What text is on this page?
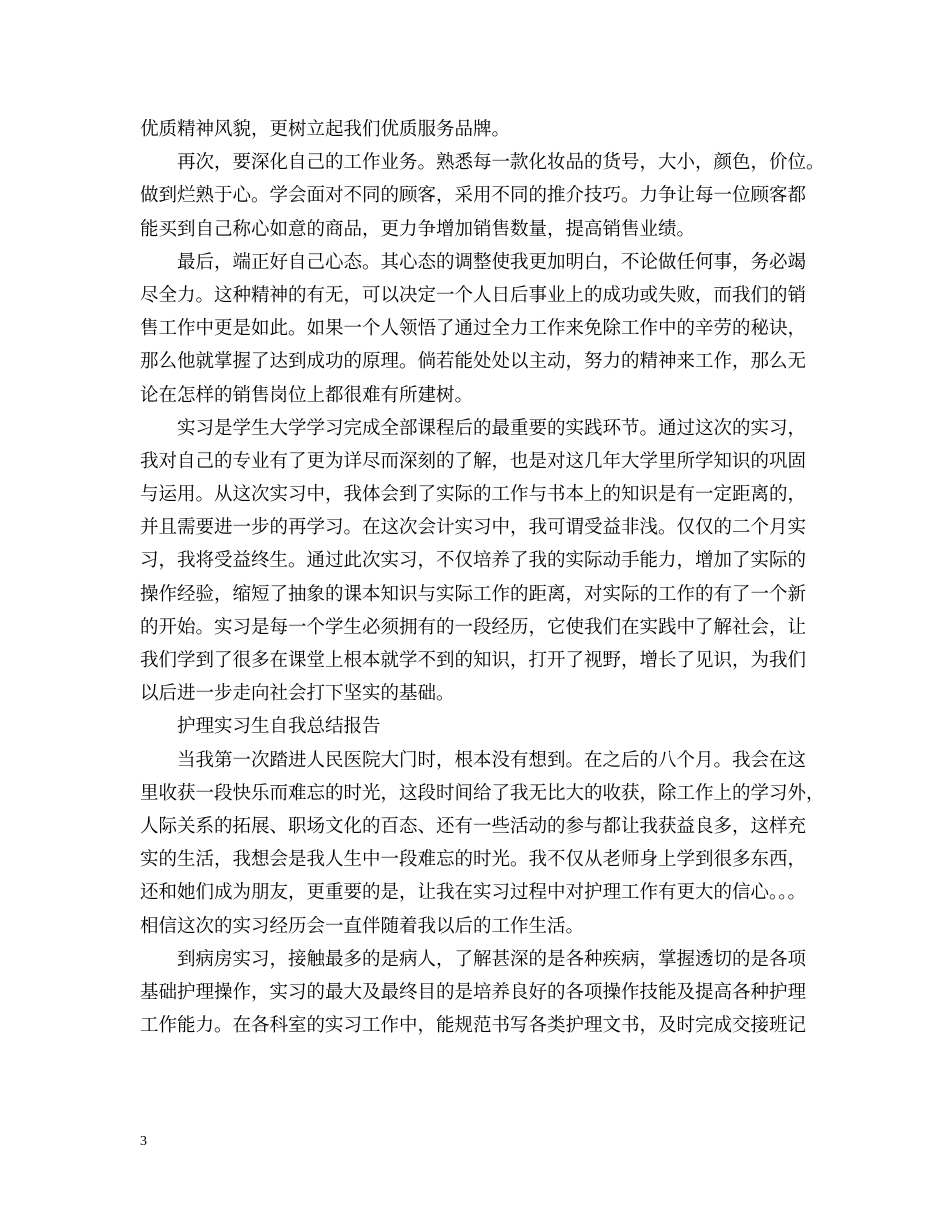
优质精神风貌，更树立起我们优质服务品牌。
再次，要深化自己的工作业务。熟悉每一款化妆品的货号，大小，颜色，价位。
做到烂熟于心。学会面对不同的顾客，采用不同的推介技巧。力争让每一位顾客都
能买到自己称心如意的商品，更力争增加销售数量，提高销售业绩。
最后，端正好自己心态。其心态的调整使我更加明白，不论做任何事，务必竭
尽全力。这种精神的有无，可以决定一个人日后事业上的成功或失败，而我们的销
售工作中更是如此。如果一个人领悟了通过全力工作来免除工作中的辛劳的秘诀，
那么他就掌握了达到成功的原理。倘若能处处以主动，努力的精神来工作，那么无
论在怎样的销售岗位上都很难有所建树。
实习是学生大学学习完成全部课程后的最重要的实践环节。通过这次的实习，
我对自己的专业有了更为详尽而深刻的了解，也是对这几年大学里所学知识的巩固
与运用。从这次实习中，我体会到了实际的工作与书本上的知识是有一定距离的，
并且需要进一步的再学习。在这次会计实习中，我可谓受益非浅。仅仅的二个月实
习，我将受益终生。通过此次实习，不仅培养了我的实际动手能力，增加了实际的
操作经验，缩短了抽象的课本知识与实际工作的距离，对实际的工作的有了一个新
的开始。实习是每一个学生必须拥有的一段经历，它使我们在实践中了解社会，让
我们学到了很多在课堂上根本就学不到的知识，打开了视野，增长了见识，为我们
以后进一步走向社会打下坚实的基础。
护理实习生自我总结报告
当我第一次踏进人民医院大门时，根本没有想到。在之后的八个月。我会在这
里收获一段快乐而难忘的时光，这段时间给了我无比大的收获，除工作上的学习外，
人际关系的拓展、职场文化的百态、还有一些活动的参与都让我获益良多，这样充
实的生活，我想会是我人生中一段难忘的时光。我不仅从老师身上学到很多东西，
还和她们成为朋友，更重要的是，让我在实习过程中对护理工作有更大的信心。。。
相信这次的实习经历会一直伴随着我以后的工作生活。
到病房实习，接触最多的是病人，了解甚深的是各种疾病，掌握透切的是各项
基础护理操作，实习的最大及最终目的是培养良好的各项操作技能及提高各种护理
工作能力。在各科室的实习工作中，能规范书写各类护理文书，及时完成交接班记
3
